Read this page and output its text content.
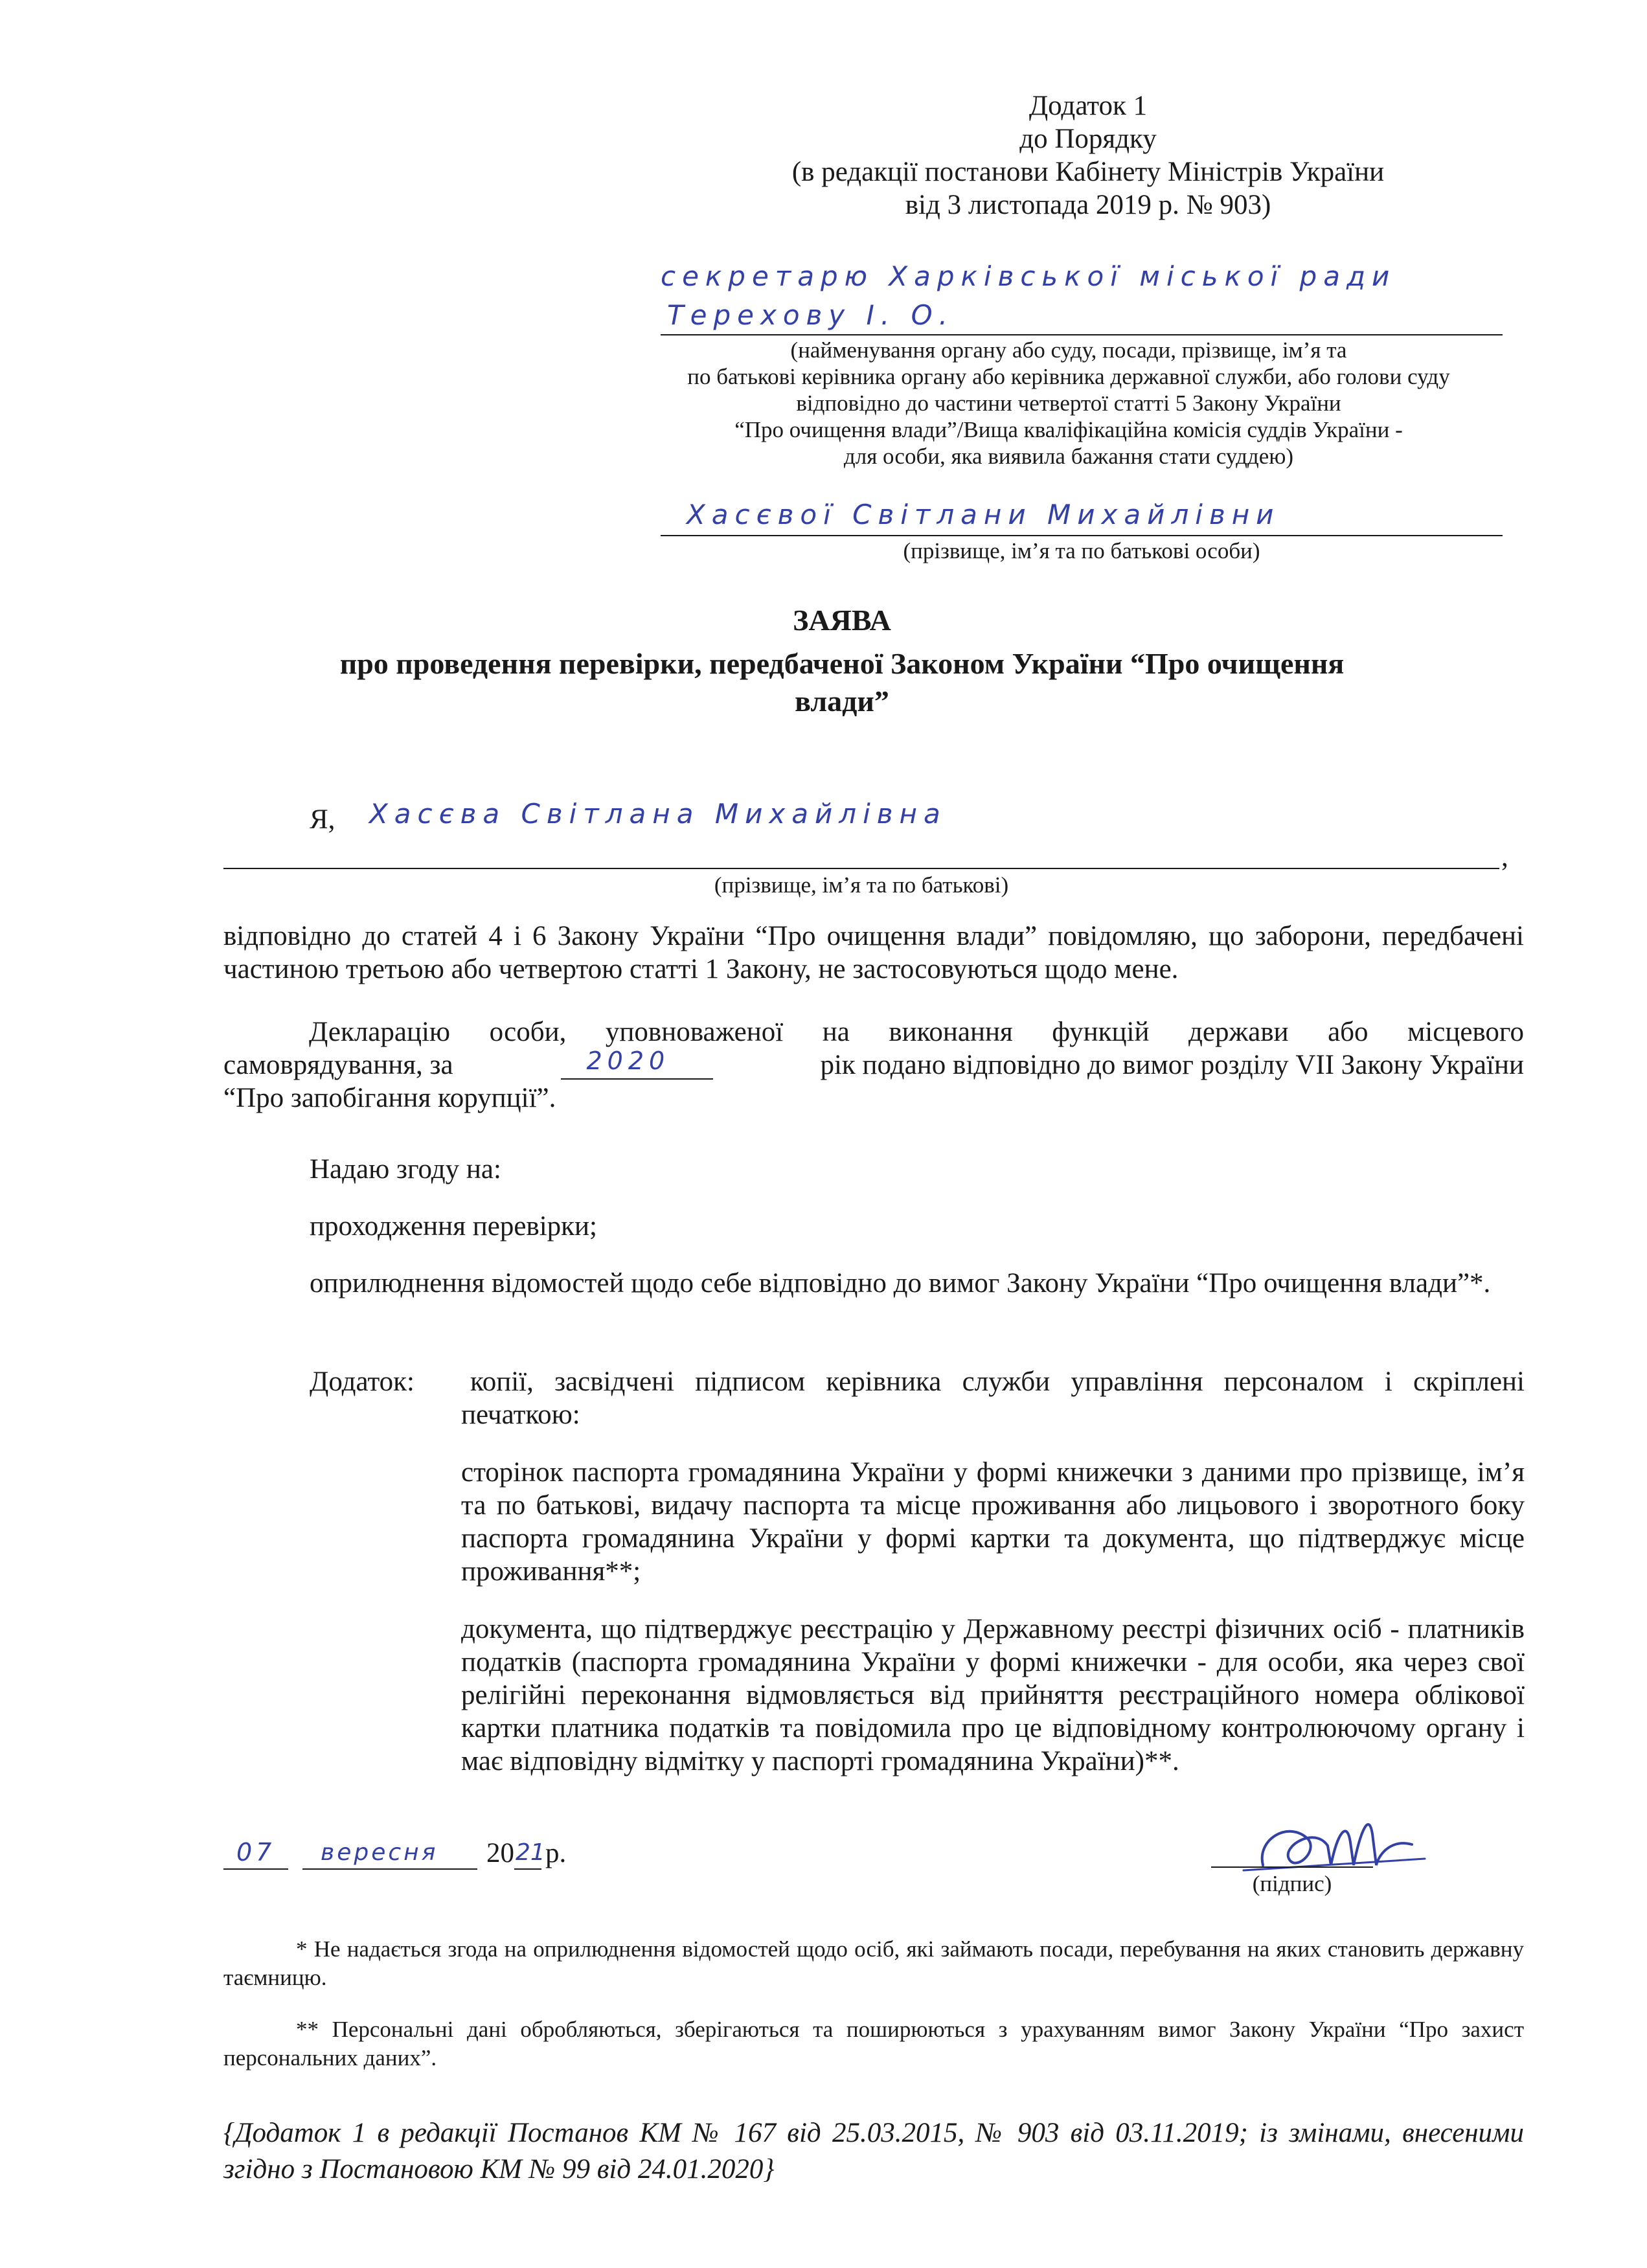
Додаток 1
до Порядку
(в редакції постанови Кабінету Міністрів України
від 3 листопада 2019 р. № 903)
секретарю Харківської міської ради
Терехову І. О.
(найменування органу або суду, посади, прізвище, ім’я та
по батькові керівника органу або керівника державної служби, або голови суду
відповідно до частини четвертої статті 5 Закону України
“Про очищення влади”/Вища кваліфікаційна комісія суддів України -
для особи, яка виявила бажання стати суддею)
Хасєвої Світлани Михайлівни
(прізвище, ім’я та по батькові особи)
ЗАЯВА
про проведення перевірки, передбаченої Законом України “Про очищення
влади”
Я, Хасєва Світлана Михайлівна
,
(прізвище, ім’я та по батькові)
відповідно до статей 4 і 6 Закону України “Про очищення влади” повідомляю, що заборони, передбачені частиною третьою або четвертою статті 1 Закону, не застосовуються щодо мене.
Декларацію особи, уповноваженої на виконання функцій держави або місцевого
самоврядування, за	2020	рік подано відповідно до вимог розділу VII Закону України
“Про запобігання корупції”.
Надаю згоду на:
проходження перевірки;
оприлюднення відомостей щодо себе відповідно до вимог Закону України “Про очищення влади”*.
Додаток:	копії, засвідчені підписом керівника служби управління персоналом і скріплені печаткою:
сторінок паспорта громадянина України у формі книжечки з даними про прізвище, ім’я та по батькові, видачу паспорта та місце проживання або лицьового і зворотного боку паспорта громадянина України у формі картки та документа, що підтверджує місце проживання**;
документа, що підтверджує реєстрацію у Державному реєстрі фізичних осіб - платників податків (паспорта громадянина України у формі книжечки - для особи, яка через свої релігійні переконання відмовляється від прийняття реєстраційного номера облікової картки платника податків та повідомила про це відповідному контролюючому органу і має відповідну відмітку у паспорті громадянина України)**.
07 вересня 20 21 р.
(підпис)
* Не надається згода на оприлюднення відомостей щодо осіб, які займають посади, перебування на яких становить державну таємницю.
** Персональні дані обробляються, зберігаються та поширюються з урахуванням вимог Закону України “Про захист персональних даних”.
{Додаток 1 в редакції Постанов КМ № 167 від 25.03.2015, № 903 від 03.11.2019; із змінами, внесеними згідно з Постановою КМ № 99 від 24.01.2020}
